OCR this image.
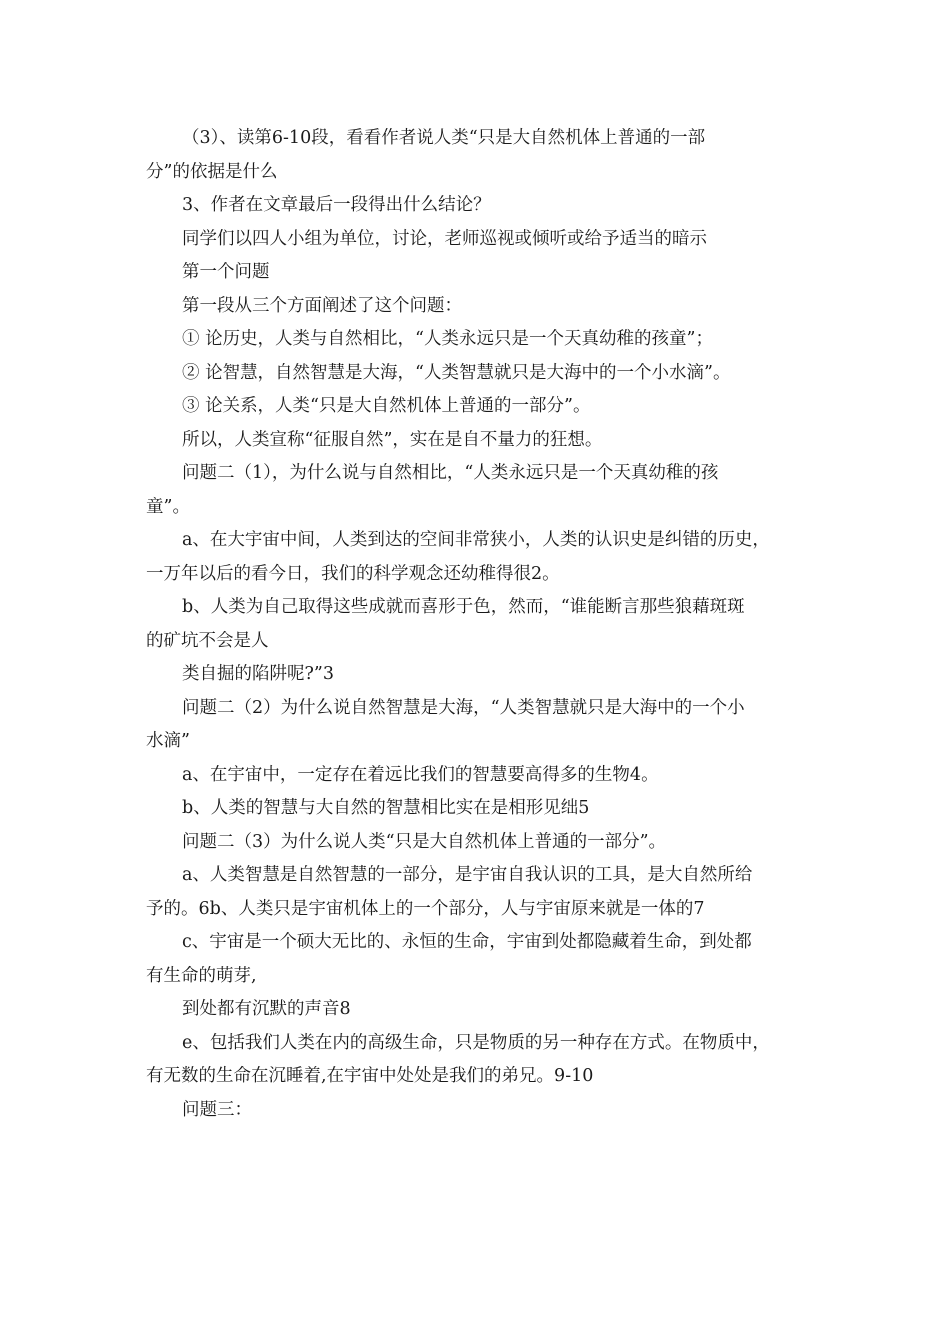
（3）、读第6-10段，看看作者说人类“只是大自然机体上普通的一部
分”的依据是什么
3、作者在文章最后一段得出什么结论？
同学们以四人小组为单位，讨论，老师巡视或倾听或给予适当的暗示
第一个问题
第一段从三个方面阐述了这个问题：
① 论历史，人类与自然相比，“人类永远只是一个天真幼稚的孩童”；
② 论智慧，自然智慧是大海，“人类智慧就只是大海中的一个小水滴”。
③ 论关系，人类“只是大自然机体上普通的一部分”。
所以，人类宣称“征服自然”，实在是自不量力的狂想。
问题二（1），为什么说与自然相比，“人类永远只是一个天真幼稚的孩
童”。
a、在大宇宙中间，人类到达的空间非常狭小，人类的认识史是纠错的历史，
一万年以后的看今日，我们的科学观念还幼稚得很2。
b、人类为自己取得这些成就而喜形于色，然而，“谁能断言那些狼藉斑斑
的矿坑不会是人
类自掘的陷阱呢?”3
问题二（2）为什么说自然智慧是大海，“人类智慧就只是大海中的一个小
水滴”
a、在宇宙中，一定存在着远比我们的智慧要高得多的生物4。
b、人类的智慧与大自然的智慧相比实在是相形见绌5
问题二（3）为什么说人类“只是大自然机体上普通的一部分”。
a、人类智慧是自然智慧的一部分，是宇宙自我认识的工具，是大自然所给
予的。6b、人类只是宇宙机体上的一个部分，人与宇宙原来就是一体的7
c、宇宙是一个硕大无比的、永恒的生命，宇宙到处都隐藏着生命，到处都
有生命的萌芽,
到处都有沉默的声音8
e、包括我们人类在内的高级生命，只是物质的另一种存在方式。在物质中，
有无数的生命在沉睡着,在宇宙中处处是我们的弟兄。9-10
问题三：
